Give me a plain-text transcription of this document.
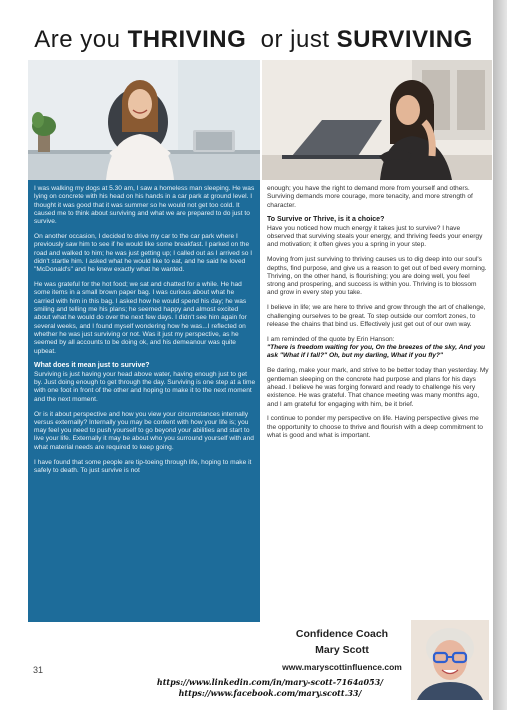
Are you THRIVING  or just SURVIVING

I was walking my dogs at 5.30 am, I saw a homeless man sleeping. He was lying on concrete with his head on his hands in a car park at ground level. I thought it was good that it was summer so he would not get too cold. It caused me to think about surviving and what we are prepared to do just to survive.

On another occasion, I decided to drive my car to the car park where I previously saw him to see if he would like some breakfast. I parked on the road and walked to him; he was just getting up; I called out as I arrived so I didn't startle him. I asked what he would like to eat, and he said he loved "McDonald's" and he knew exactly what he wanted.

He was grateful for the hot food; we sat and chatted for a while. He had some items in a small brown paper bag. I was curious about what he carried with him in this bag. I asked how he would spend his day; he was smiling and telling me his plans; he seemed happy and almost excited about what he would do over the next few days. I didn't see him again for several weeks, and I found myself wondering how he was...I reflected on whether he was just surviving or not. Was it just my perspective, as he seemed by all accounts to be doing ok, and his demeanour was quite upbeat.

What does it mean just to survive?

Surviving is just having your head above water, having enough just to get by. Just doing enough to get through the day. Surviving is one step at a time with one foot in front of the other and hoping to make it to the next moment and the next moment.

Or is it about perspective and how you view your circumstances internally versus externally? Internally you may be content with how your life is; you may feel you need to push yourself to go beyond your abilities and start to live your life. Externally it may be about who you surround yourself with and what material needs are required to keep going.

I have found that some people are tip-toeing through life, hoping to make it safely to death. To just survive is not

enough; you have the right to demand more from yourself and others. Surviving demands more courage, more tenacity, and more strength of character.

To Survive or Thrive, is it a choice?

Have you noticed how much energy it takes just to survive? I have observed that surviving steals your energy, and thriving feeds your energy and motivation; it often gives you a spring in your step.

Moving from just surviving to thriving causes us to dig deep into our soul's depths, find purpose, and give us a reason to get out of bed every morning. Thriving, on the other hand, is flourishing; you are doing well, you feel strong and prospering, and success is within you. Thriving is to blossom and grow in every step you take.

I believe in life; we are here to thrive and grow through the art of challenge, challenging ourselves to be great. To step outside our comfort zones, to release the chains that bind us. Effectively just get out of our own way.

I am reminded of the quote by Erin Hanson:

"There is freedom waiting for you, On the breezes of the sky, And you ask "What if I fall?" Oh, but my darling, What if you fly?"

Be daring, make your mark, and strive to be better today than yesterday. My gentleman sleeping on the concrete had purpose and plans for his days ahead. I believe he was forging forward and ready to challenge his very existence. He was grateful. That chance meeting was many months ago, and I am grateful for engaging with him, be it brief.

I continue to ponder my perspective on life. Having perspective gives me the opportunity to choose to thrive and flourish with a deep commitment to what is good and what is important.

Confidence Coach
Mary Scott
www.maryscottinfluence.com
31
https://www.linkedin.com/in/mary-scott-7164a053/
https://www.facebook.com/mary.scott.33/
